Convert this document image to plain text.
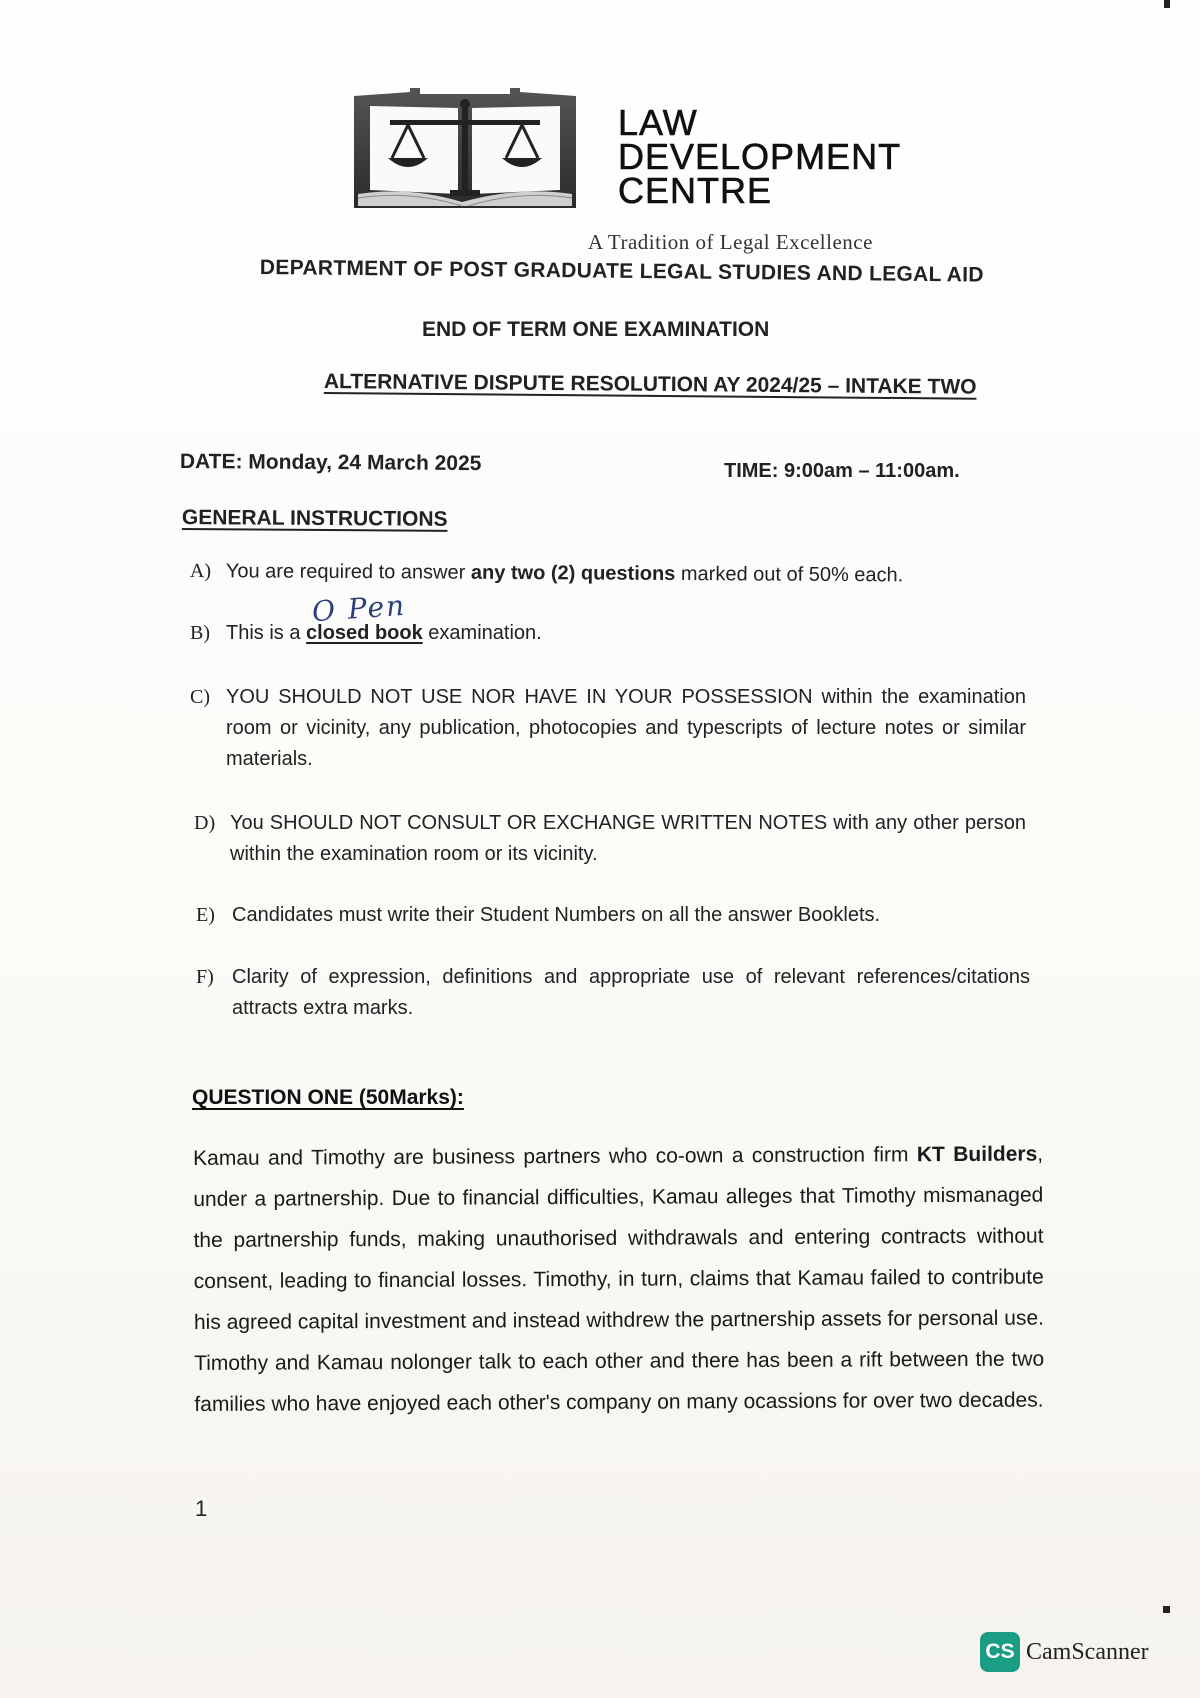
LAW
DEVELOPMENT
CENTRE
A Tradition of Legal Excellence
DEPARTMENT OF POST GRADUATE LEGAL STUDIES AND LEGAL AID
END OF TERM ONE EXAMINATION
ALTERNATIVE DISPUTE RESOLUTION AY 2024/25 – INTAKE TWO
DATE: Monday, 24 March 2025	TIME: 9:00am – 11:00am.
GENERAL INSTRUCTIONS
A) You are required to answer any two (2) questions marked out of 50% each.
O Pen
B) This is a closed book examination.
C) YOU SHOULD NOT USE NOR HAVE IN YOUR POSSESSION within the examination room or vicinity, any publication, photocopies and typescripts of lecture notes or similar materials.
D) You SHOULD NOT CONSULT OR EXCHANGE WRITTEN NOTES with any other person within the examination room or its vicinity.
E) Candidates must write their Student Numbers on all the answer Booklets.
F) Clarity of expression, definitions and appropriate use of relevant references/citations attracts extra marks.
QUESTION ONE (50Marks):
Kamau and Timothy are business partners who co-own a construction firm KT Builders, under a partnership. Due to financial difficulties, Kamau alleges that Timothy mismanaged the partnership funds, making unauthorised withdrawals and entering contracts without consent, leading to financial losses. Timothy, in turn, claims that Kamau failed to contribute his agreed capital investment and instead withdrew the partnership assets for personal use. Timothy and Kamau nolonger talk to each other and there has been a rift between the two families who have enjoyed each other's company on many ocassions for over two decades.
1
CS CamScanner
